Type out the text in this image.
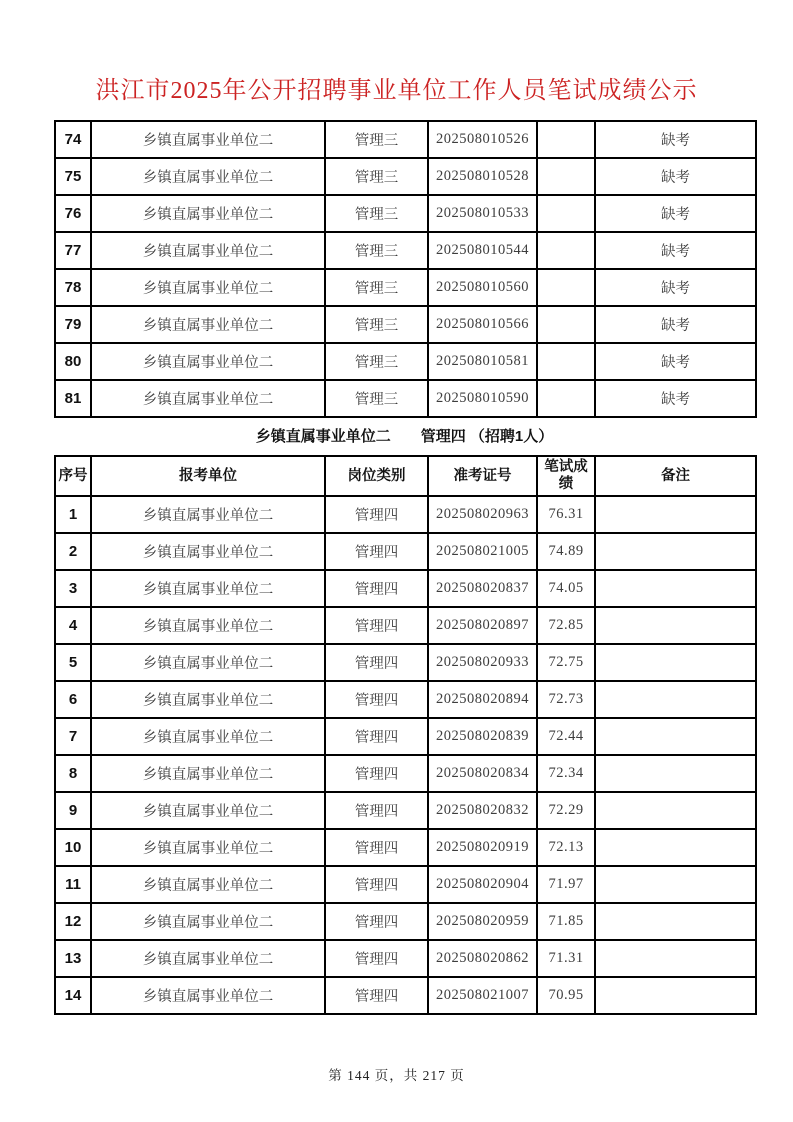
洪江市2025年公开招聘事业单位工作人员笔试成绩公示
74	乡镇直属事业单位二	管理三	202508010526		缺考
75	乡镇直属事业单位二	管理三	202508010528		缺考
76	乡镇直属事业单位二	管理三	202508010533		缺考
77	乡镇直属事业单位二	管理三	202508010544		缺考
78	乡镇直属事业单位二	管理三	202508010560		缺考
79	乡镇直属事业单位二	管理三	202508010566		缺考
80	乡镇直属事业单位二	管理三	202508010581		缺考
81	乡镇直属事业单位二	管理三	202508010590		缺考
乡镇直属事业单位二　　管理四 （招聘1人）
序号	报考单位	岗位类别	准考证号	笔试成绩	备注
1	乡镇直属事业单位二	管理四	202508020963	76.31	
2	乡镇直属事业单位二	管理四	202508021005	74.89	
3	乡镇直属事业单位二	管理四	202508020837	74.05	
4	乡镇直属事业单位二	管理四	202508020897	72.85	
5	乡镇直属事业单位二	管理四	202508020933	72.75	
6	乡镇直属事业单位二	管理四	202508020894	72.73	
7	乡镇直属事业单位二	管理四	202508020839	72.44	
8	乡镇直属事业单位二	管理四	202508020834	72.34	
9	乡镇直属事业单位二	管理四	202508020832	72.29	
10	乡镇直属事业单位二	管理四	202508020919	72.13	
11	乡镇直属事业单位二	管理四	202508020904	71.97	
12	乡镇直属事业单位二	管理四	202508020959	71.85	
13	乡镇直属事业单位二	管理四	202508020862	71.31	
14	乡镇直属事业单位二	管理四	202508021007	70.95	
第 144 页，共 217 页
